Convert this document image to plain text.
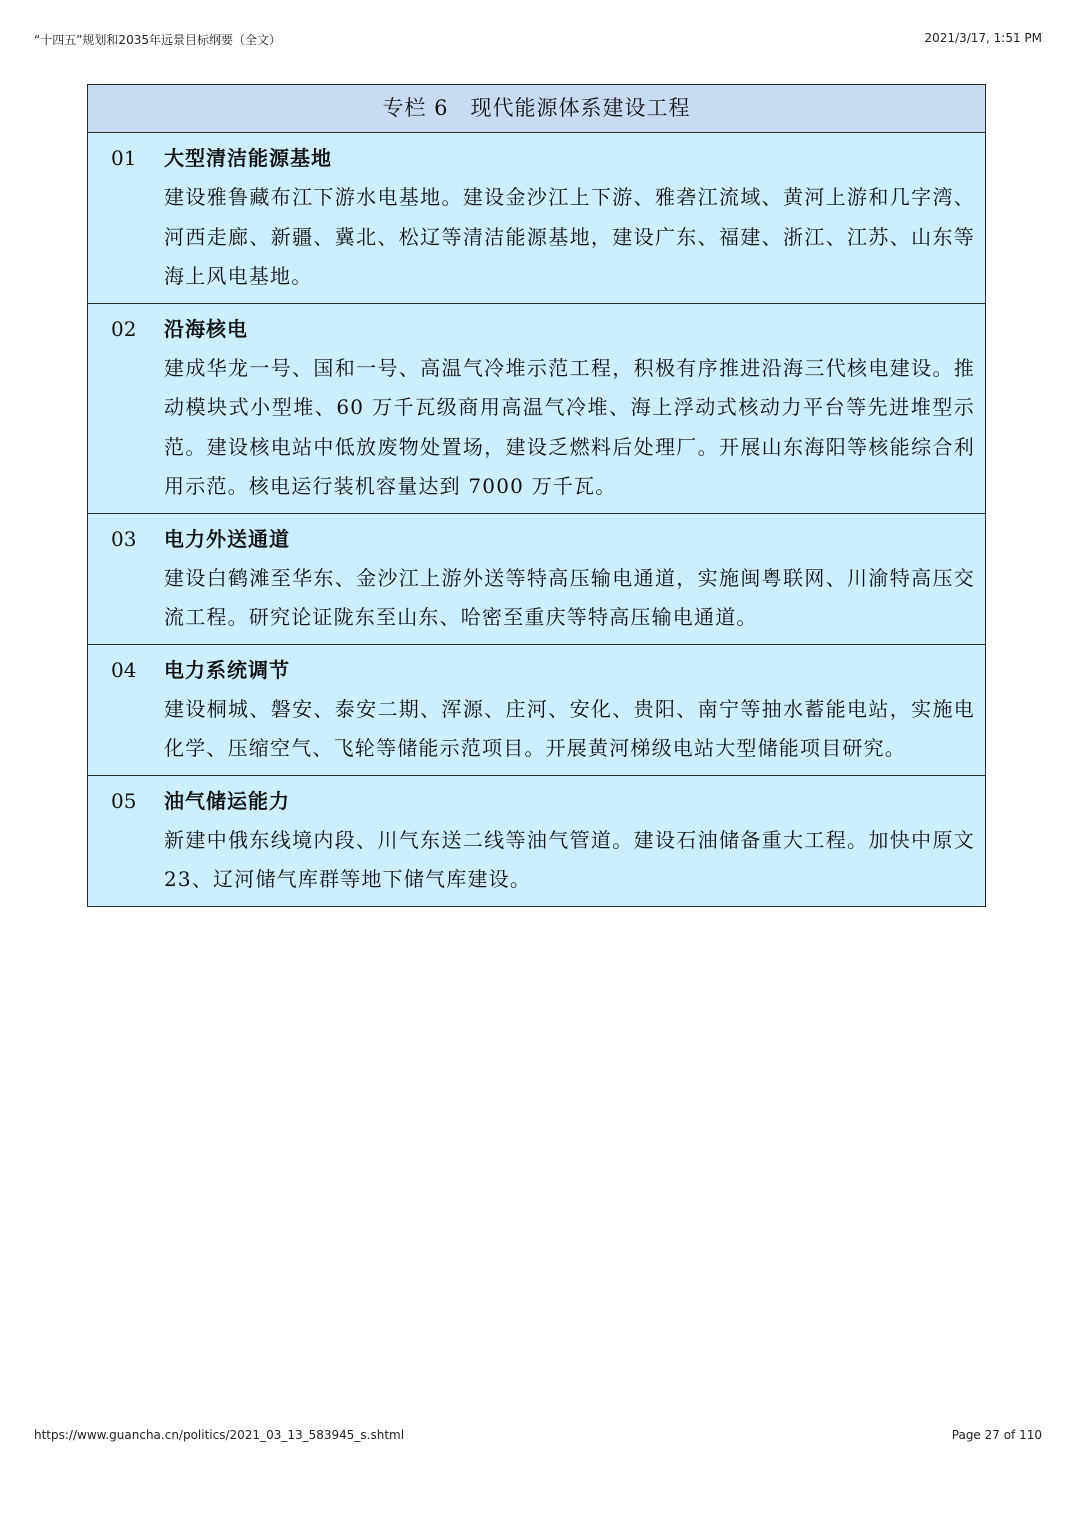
“十四五”规划和2035年远景目标纲要（全文）	2021/3/17, 1:51 PM
专栏 6　现代能源体系建设工程
01 大型清洁能源基地
建设雅鲁藏布江下游水电基地。建设金沙江上下游、雅砻江流域、黄河上游和几字湾、河西走廊、新疆、冀北、松辽等清洁能源基地，建设广东、福建、浙江、江苏、山东等海上风电基地。
02 沿海核电
建成华龙一号、国和一号、高温气冷堆示范工程，积极有序推进沿海三代核电建设。推动模块式小型堆、60 万千瓦级商用高温气冷堆、海上浮动式核动力平台等先进堆型示范。建设核电站中低放废物处置场，建设乏燃料后处理厂。开展山东海阳等核能综合利用示范。核电运行装机容量达到 7000 万千瓦。
03 电力外送通道
建设白鹤滩至华东、金沙江上游外送等特高压输电通道，实施闽粤联网、川渝特高压交流工程。研究论证陇东至山东、哈密至重庆等特高压输电通道。
04 电力系统调节
建设桐城、磐安、泰安二期、浑源、庄河、安化、贵阳、南宁等抽水蓄能电站，实施电化学、压缩空气、飞轮等储能示范项目。开展黄河梯级电站大型储能项目研究。
05 油气储运能力
新建中俄东线境内段、川气东送二线等油气管道。建设石油储备重大工程。加快中原文 23、辽河储气库群等地下储气库建设。
https://www.guancha.cn/politics/2021_03_13_583945_s.shtml	Page 27 of 110
